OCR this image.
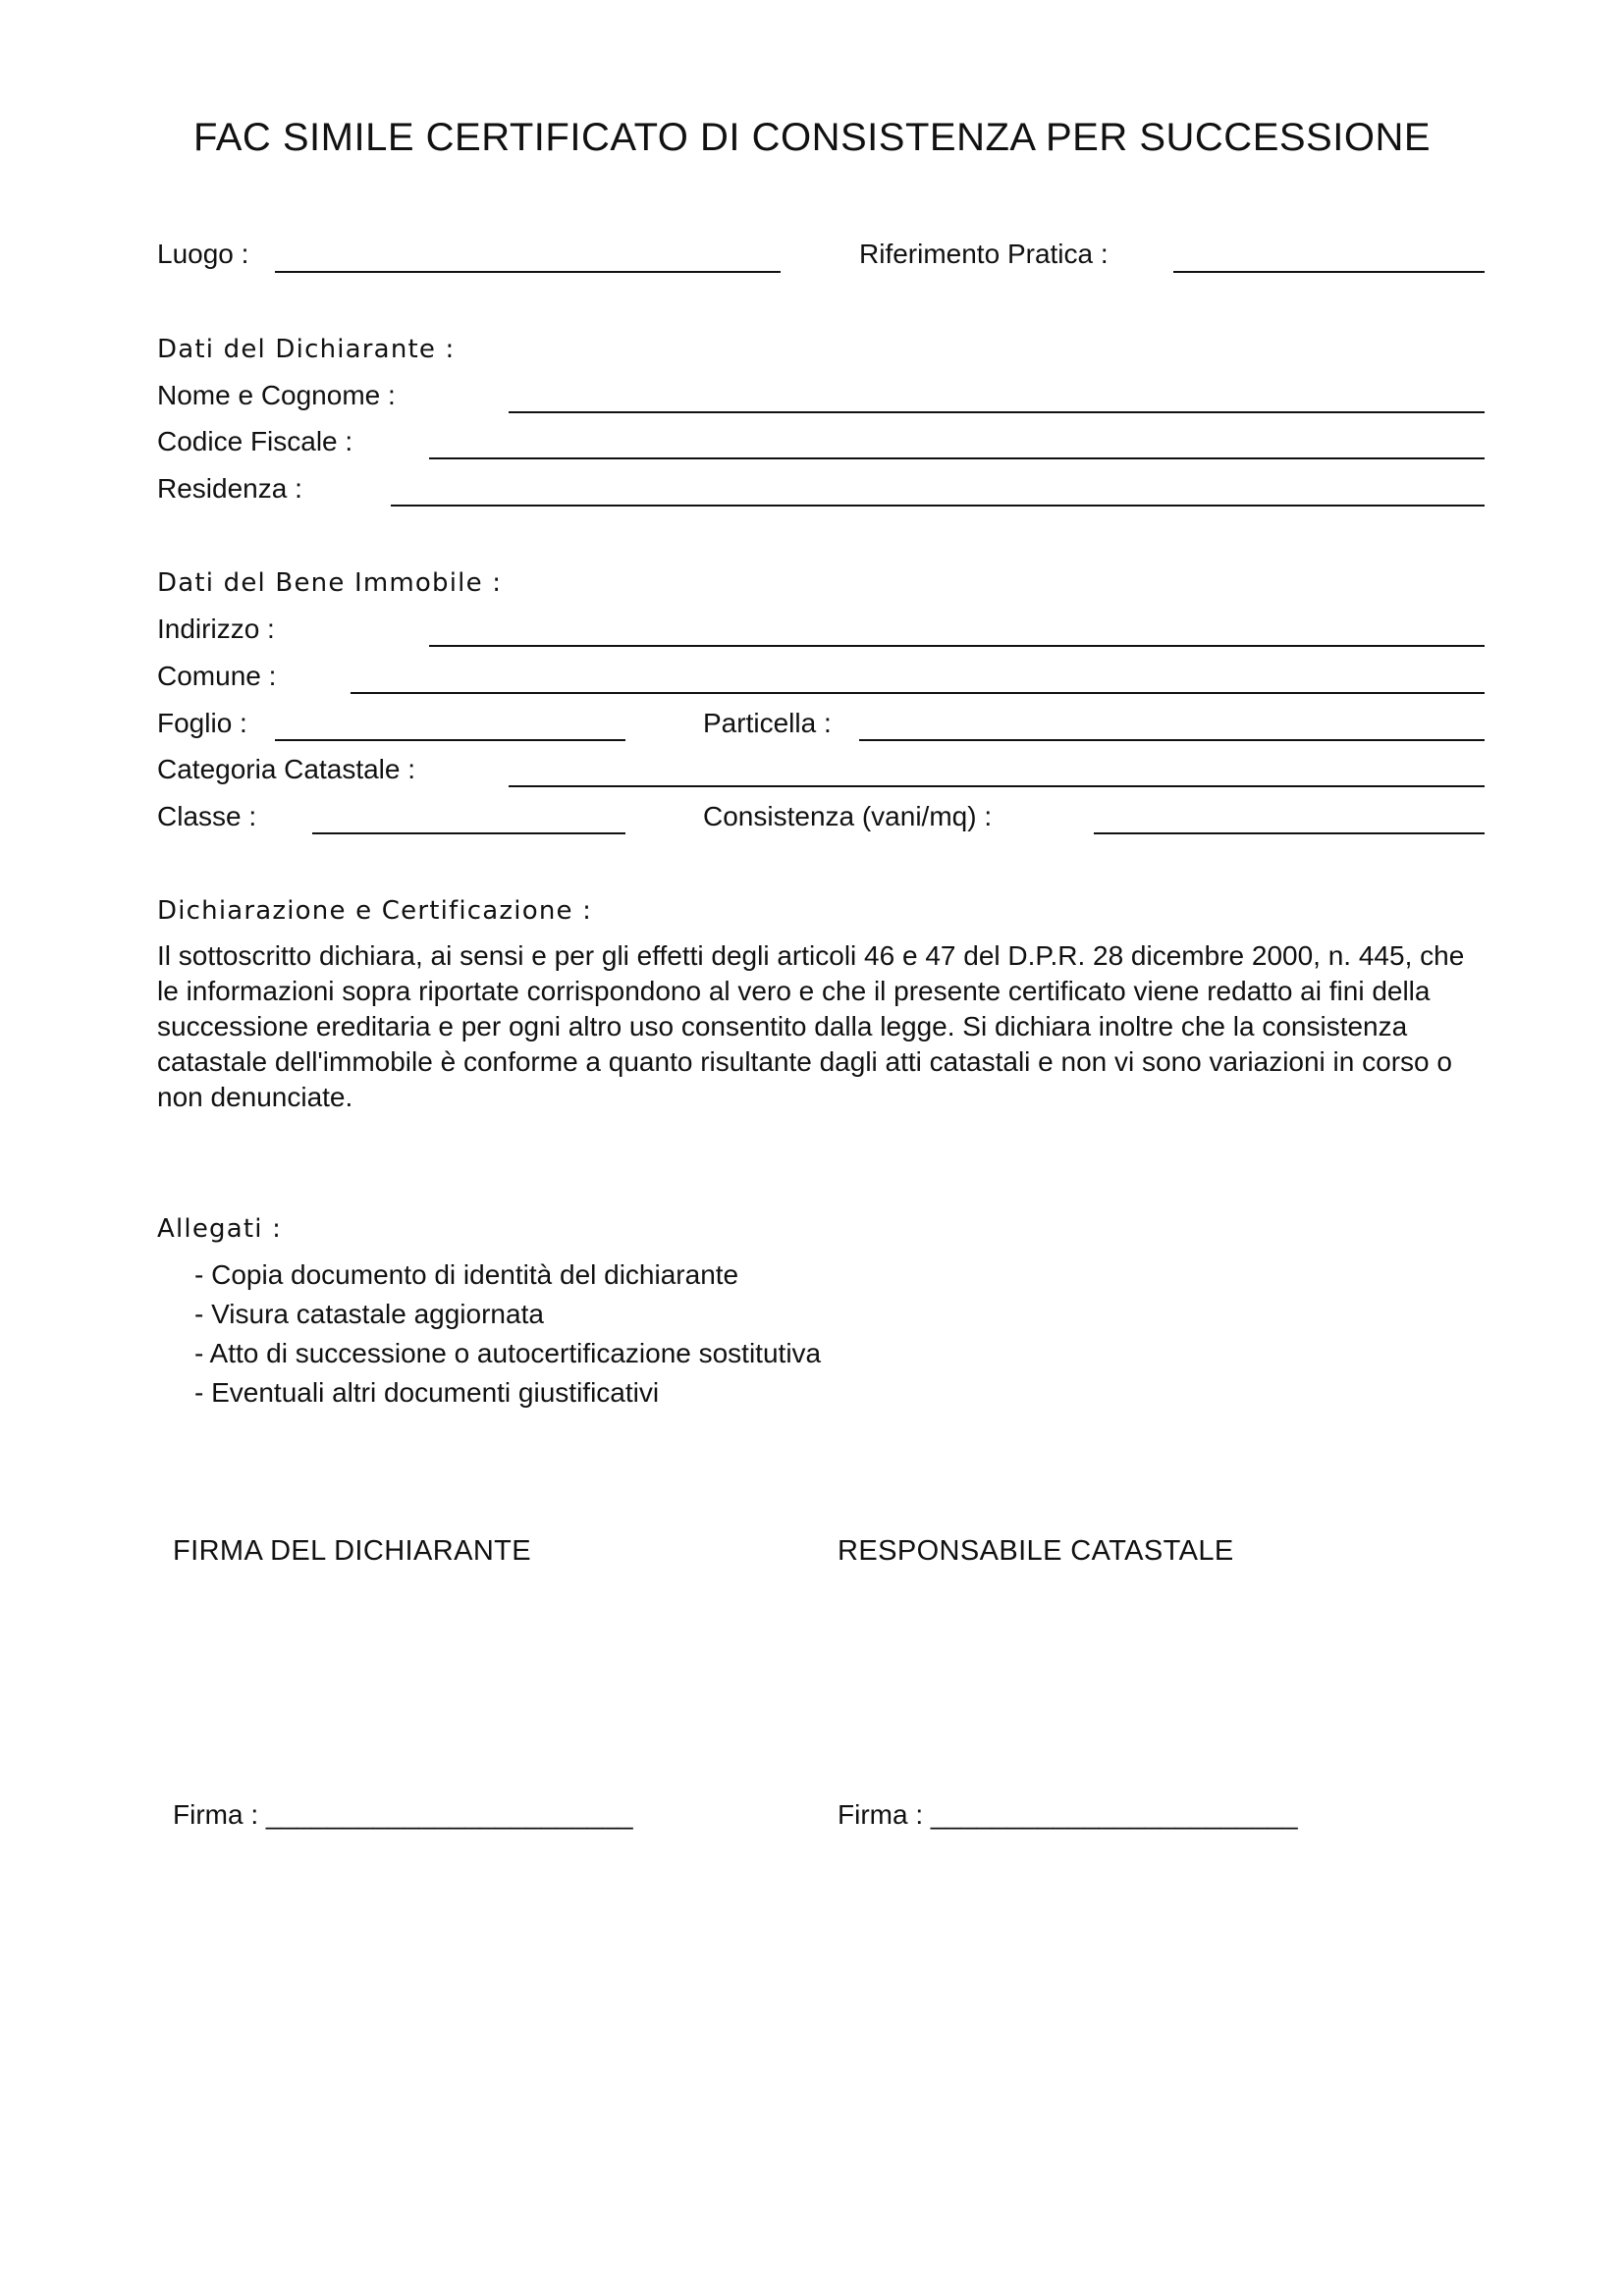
FAC SIMILE CERTIFICATO DI CONSISTENZA PER SUCCESSIONE
Luogo :	Riferimento Pratica :
Dati del Dichiarante :
Nome e Cognome :
Codice Fiscale :
Residenza :
Dati del Bene Immobile :
Indirizzo :
Comune :
Foglio :	Particella :
Categoria Catastale :
Classe :	Consistenza (vani/mq) :
Dichiarazione e Certificazione :
Il sottoscritto dichiara, ai sensi e per gli effetti degli articoli 46 e 47 del D.P.R. 28 dicembre 2000, n. 445, che le informazioni sopra riportate corrispondono al vero e che il presente certificato viene redatto ai fini della successione ereditaria e per ogni altro uso consentito dalla legge. Si dichiara inoltre che la consistenza catastale dell'immobile è conforme a quanto risultante dagli atti catastali e non vi sono variazioni in corso o non denunciate.
Allegati :
- Copia documento di identità del dichiarante
- Visura catastale aggiornata
- Atto di successione o autocertificazione sostitutiva
- Eventuali altri documenti giustificativi
FIRMA DEL DICHIARANTE	RESPONSABILE CATASTALE
Firma : ________________________	Firma : ________________________
